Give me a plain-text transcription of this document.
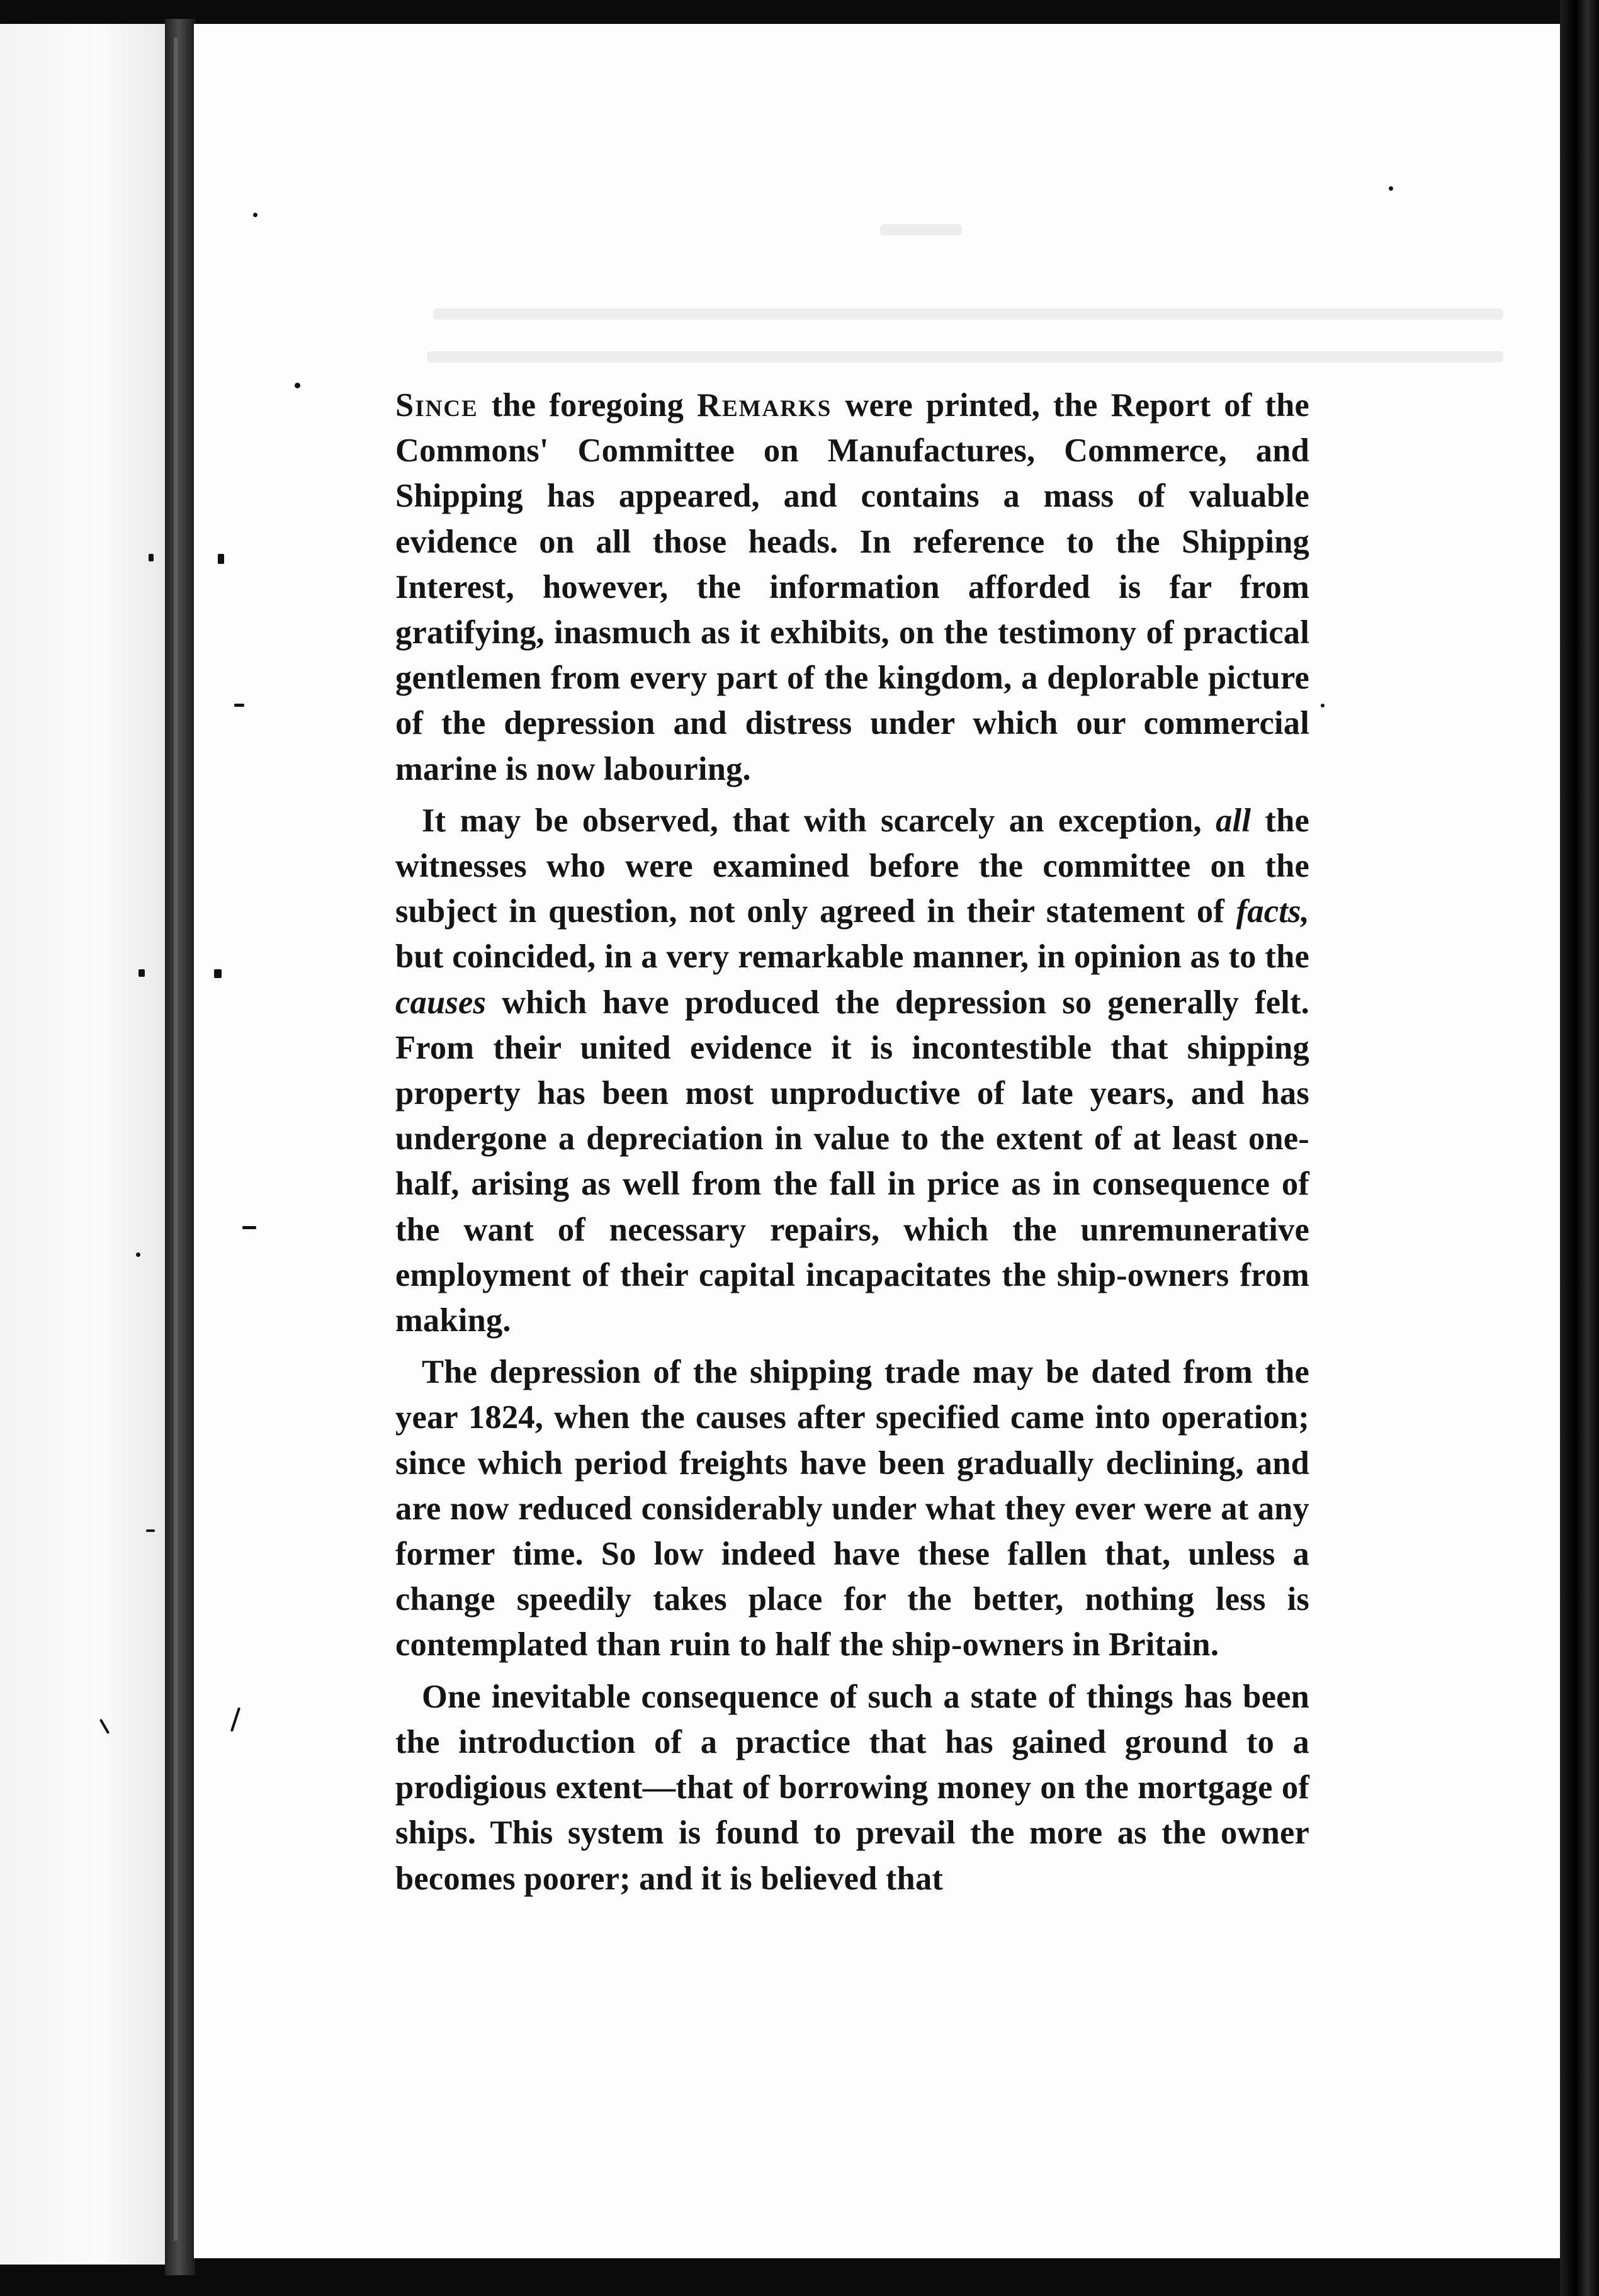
Since the foregoing Remarks were printed, the Report of the Commons' Committee on Manufactures, Commerce, and Shipping has appeared, and contains a mass of valuable evidence on all those heads. In reference to the Shipping Interest, however, the information afforded is far from gratifying, inasmuch as it exhibits, on the testimony of practical gentlemen from every part of the kingdom, a deplorable picture of the depression and distress under which our commercial marine is now labouring.

It may be observed, that with scarcely an exception, all the witnesses who were examined before the committee on the subject in question, not only agreed in their statement of facts, but coincided, in a very remarkable manner, in opinion as to the causes which have produced the depression so generally felt. From their united evidence it is incontestible that shipping property has been most unproductive of late years, and has undergone a depreciation in value to the extent of at least one-half, arising as well from the fall in price as in consequence of the want of necessary repairs, which the unremunerative employment of their capital incapacitates the ship-owners from making.

The depression of the shipping trade may be dated from the year 1824, when the causes after specified came into operation; since which period freights have been gradually declining, and are now reduced considerably under what they ever were at any former time. So low indeed have these fallen that, unless a change speedily takes place for the better, nothing less is contemplated than ruin to half the ship-owners in Britain.

One inevitable consequence of such a state of things has been the introduction of a practice that has gained ground to a prodigious extent—that of borrowing money on the mortgage of ships. This system is found to prevail the more as the owner becomes poorer; and it is believed that
